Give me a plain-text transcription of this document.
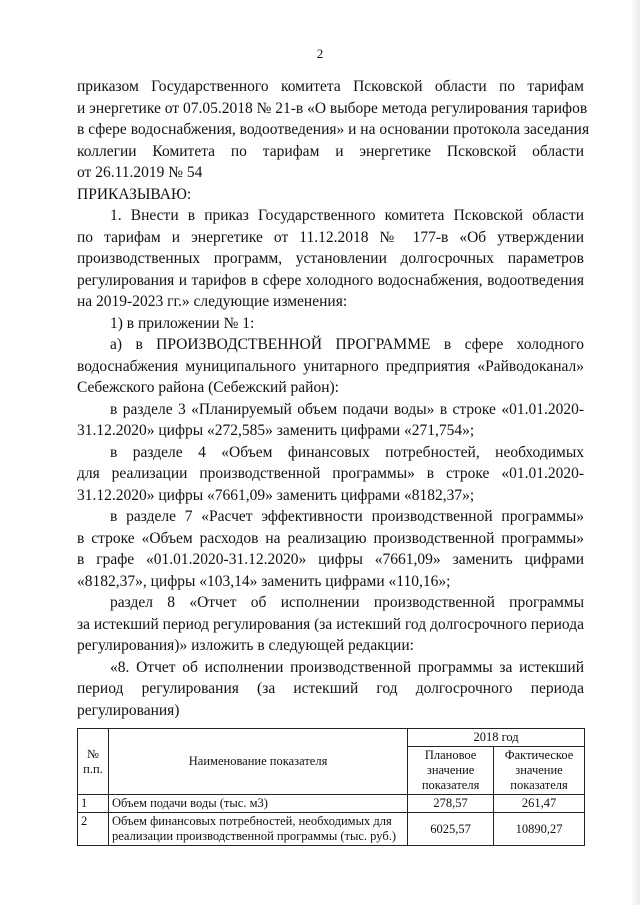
2
приказом Государственного комитета Псковской области по тарифам
и энергетике от 07.05.2018 № 21-в «О выборе метода регулирования тарифов
в сфере водоснабжения, водоотведения» и на основании протокола заседания
коллегии Комитета по тарифам и энергетике Псковской области
от 26.11.2019 № 54
ПРИКАЗЫВАЮ:
1. Внести в приказ Государственного комитета Псковской области
по тарифам и энергетике от 11.12.2018 № 177-в «Об утверждении
производственных программ, установлении долгосрочных параметров
регулирования и тарифов в сфере холодного водоснабжения, водоотведения
на 2019-2023 гг.» следующие изменения:
1) в приложении № 1:
а) в ПРОИЗВОДСТВЕННОЙ ПРОГРАММЕ в сфере холодного
водоснабжения муниципального унитарного предприятия «Райводоканал»
Себежского района (Себежский район):
в разделе 3 «Планируемый объем подачи воды» в строке «01.01.2020-
31.12.2020» цифры «272,585» заменить цифрами «271,754»;
в разделе 4 «Объем финансовых потребностей, необходимых
для реализации производственной программы» в строке «01.01.2020-
31.12.2020» цифры «7661,09» заменить цифрами «8182,37»;
в разделе 7 «Расчет эффективности производственной программы»
в строке «Объем расходов на реализацию производственной программы»
в графе «01.01.2020-31.12.2020» цифры «7661,09» заменить цифрами
«8182,37», цифры «103,14» заменить цифрами «110,16»;
раздел 8 «Отчет об исполнении производственной программы
за истекший период регулирования (за истекший год долгосрочного периода
регулирования)» изложить в следующей редакции:
«8. Отчет об исполнении производственной программы за истекший
период регулирования (за истекший год долгосрочного периода
регулирования)
№ п.п.	Наименование показателя	2018 год	
		Плановое значение показателя	Фактическое значение показателя
1	Объем подачи воды (тыс. м3)	278,57	261,47
2	Объем финансовых потребностей, необходимых для реализации производственной программы (тыс. руб.)	6025,57	10890,27
